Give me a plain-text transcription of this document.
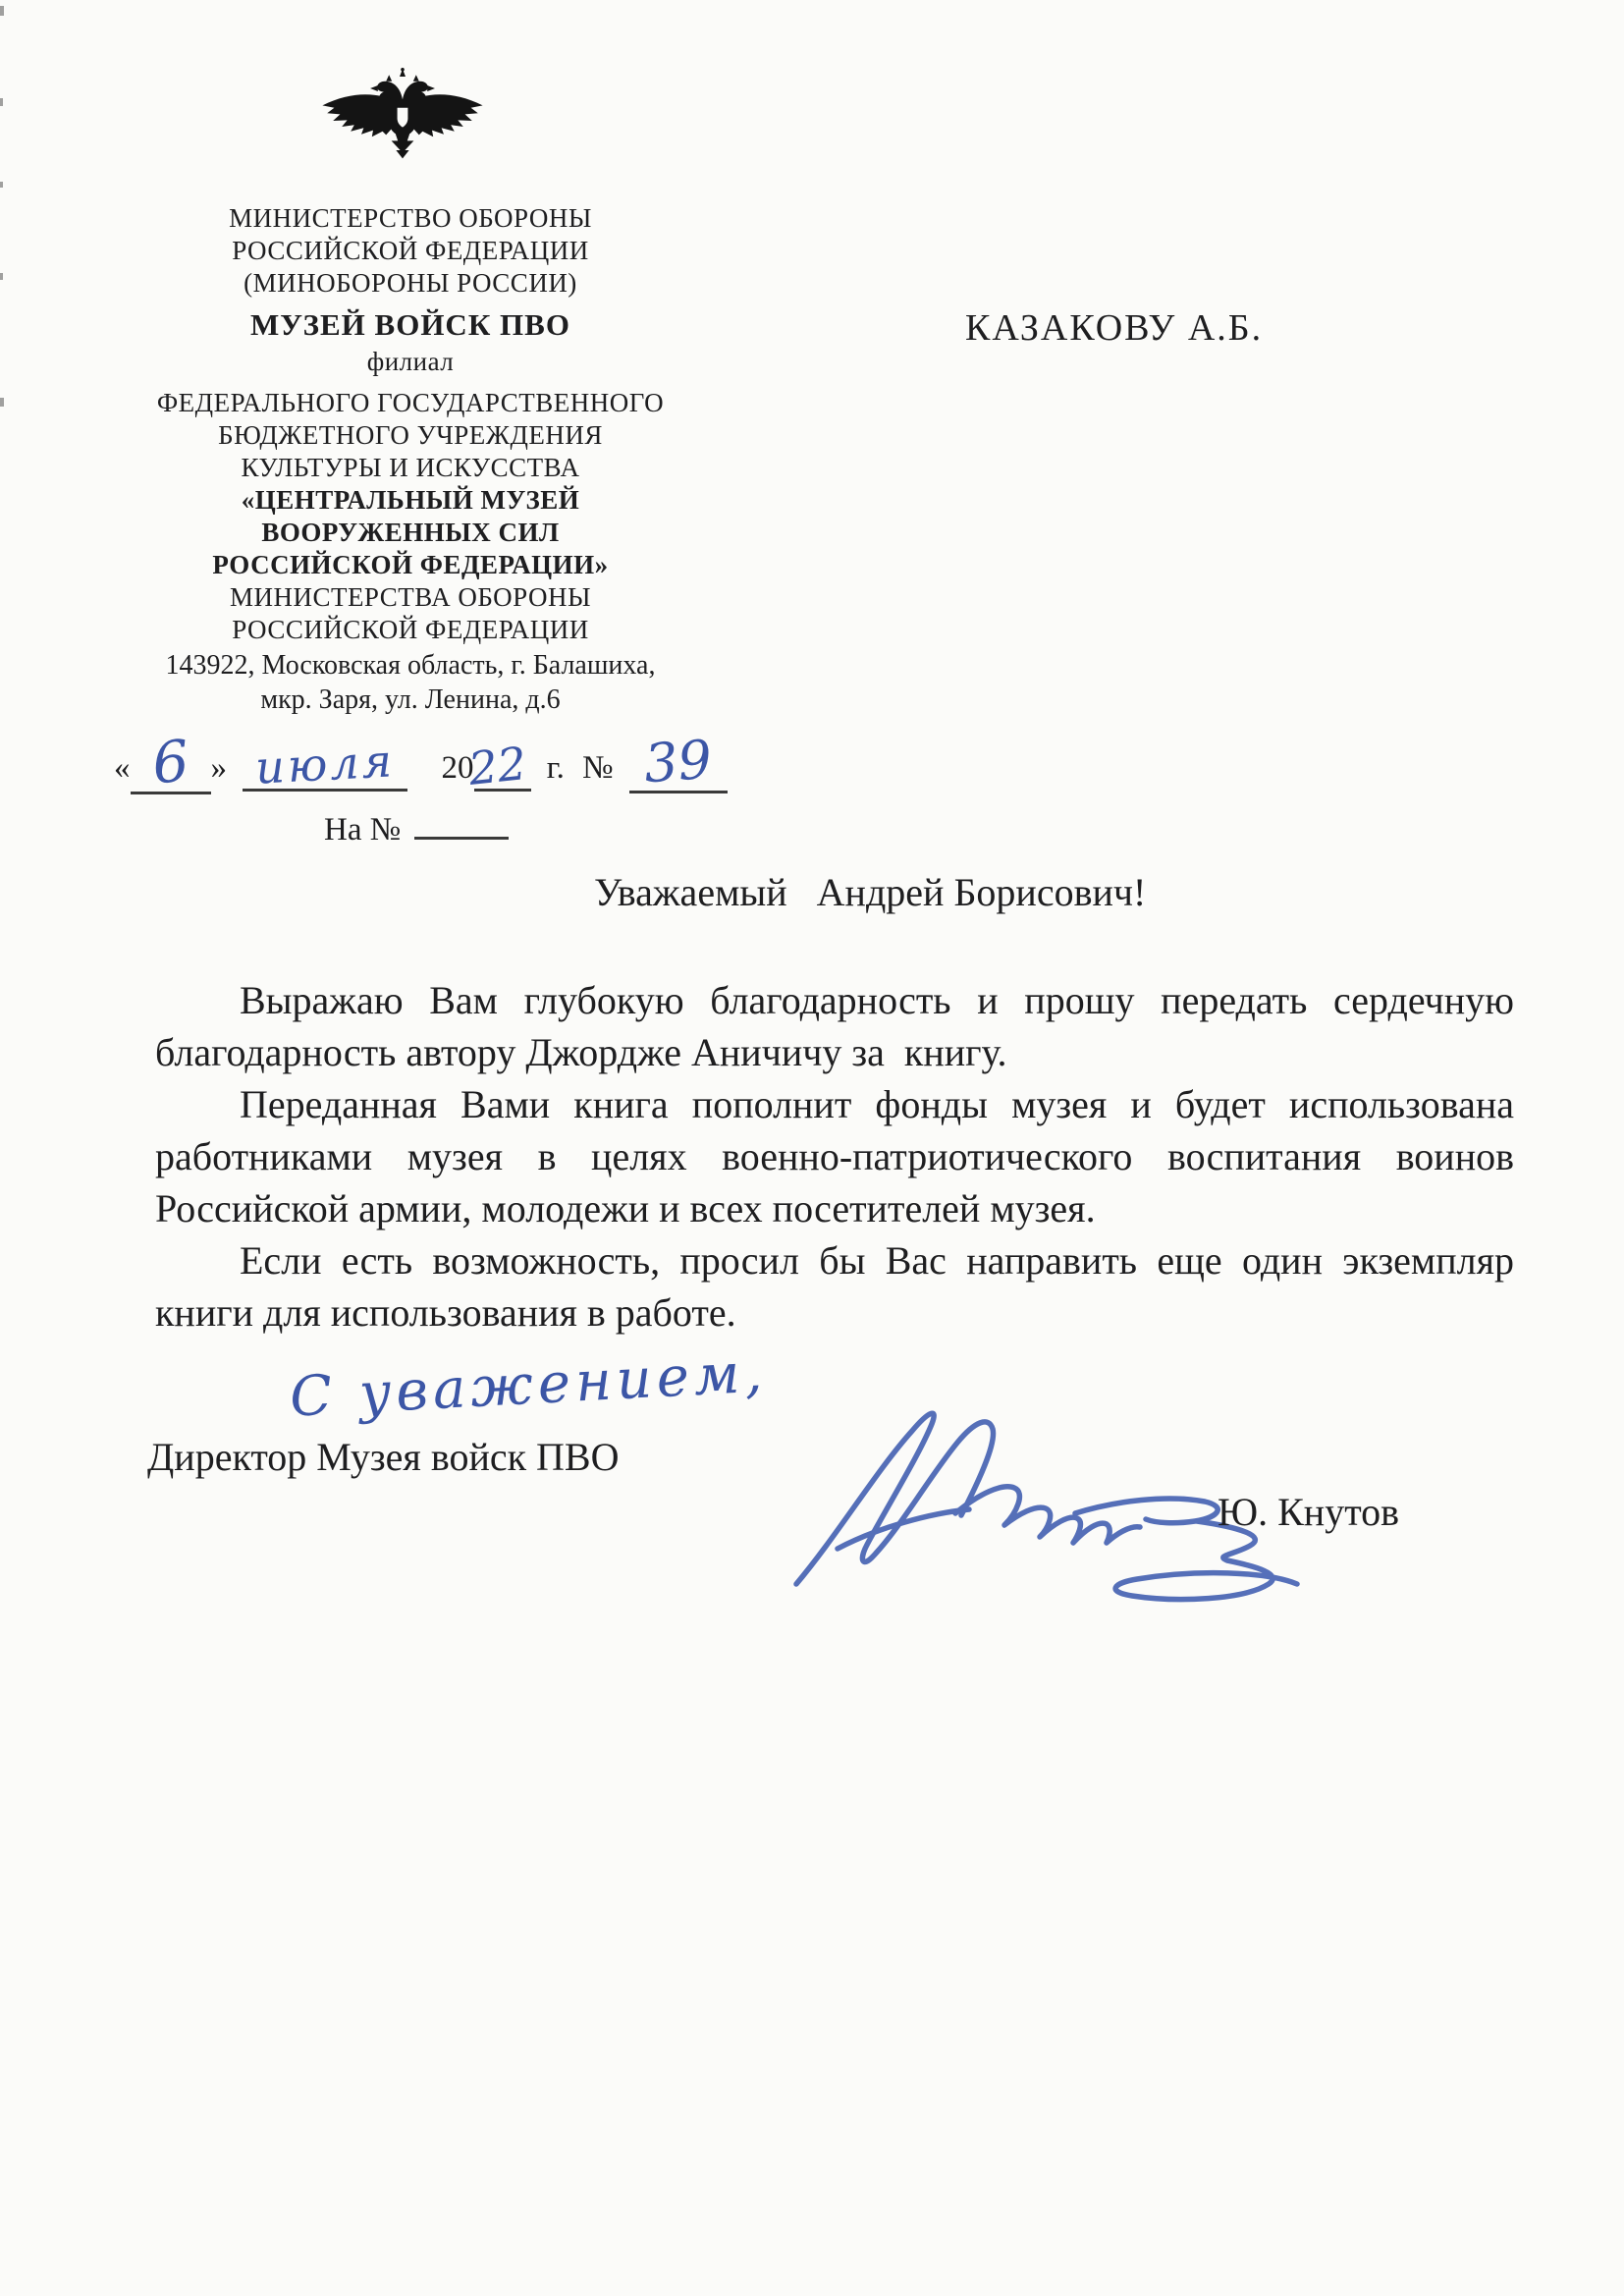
МИНИСТЕРСТВО ОБОРОНЫ
РОССИЙСКОЙ ФЕДЕРАЦИИ
(МИНОБОРОНЫ РОССИИ)
МУЗЕЙ ВОЙСК ПВО
филиал
ФЕДЕРАЛЬНОГО ГОСУДАРСТВЕННОГО
БЮДЖЕТНОГО УЧРЕЖДЕНИЯ
КУЛЬТУРЫ И ИСКУССТВА
«ЦЕНТРАЛЬНЫЙ МУЗЕЙ
ВООРУЖЕННЫХ СИЛ
РОССИЙСКОЙ ФЕДЕРАЦИИ»
МИНИСТЕРСТВА ОБОРОНЫ
РОССИЙСКОЙ ФЕДЕРАЦИИ
143922, Московская область, г. Балашиха,
мкр. Заря, ул. Ленина, д.6
« 6 » июля 2022 г. № 39
На №
КАЗАКОВУ А.Б.
Уважаемый   Андрей Борисович!

Выражаю Вам глубокую благодарность и прошу передать сердечную благодарность автору Джордже Аничичу за  книгу.

Переданная Вами книга пополнит фонды музея и будет использована работниками музея в целях военно-патриотического воспитания воинов Российской армии, молодежи и всех посетителей музея.

Если есть возможность, просил бы Вас направить еще один экземпляр книги для использования в работе.

С уважением,
Директор Музея войск ПВО
Ю. Кнутов
